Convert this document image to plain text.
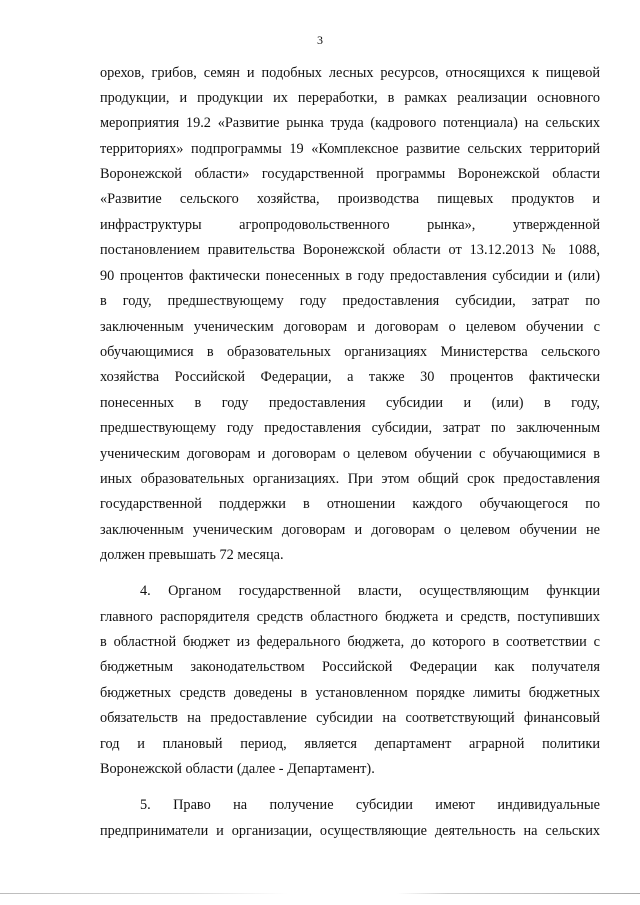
3
орехов, грибов, семян и подобных лесных ресурсов, относящихся к пищевой
продукции, и продукции их переработки, в рамках реализации основного
мероприятия 19.2 «Развитие рынка труда (кадрового потенциала) на сельских
территориях» подпрограммы 19 «Комплексное развитие сельских территорий
Воронежской области» государственной программы Воронежской области
«Развитие сельского хозяйства, производства пищевых продуктов и
инфраструктуры агропродовольственного рынка», утвержденной
постановлением правительства Воронежской области от 13.12.2013 № 1088,
90 процентов фактически понесенных в году предоставления субсидии и (или)
в году, предшествующему году предоставления субсидии, затрат по
заключенным ученическим договорам и договорам о целевом обучении с
обучающимися в образовательных организациях Министерства сельского
хозяйства Российской Федерации, а также 30 процентов фактически
понесенных в году предоставления субсидии и (или) в году,
предшествующему году предоставления субсидии, затрат по заключенным
ученическим договорам и договорам о целевом обучении с обучающимися в
иных образовательных организациях. При этом общий срок предоставления
государственной поддержки в отношении каждого обучающегося по
заключенным ученическим договорам и договорам о целевом обучении не
должен превышать 72 месяца.
4. Органом государственной власти, осуществляющим функции
главного распорядителя средств областного бюджета и средств, поступивших
в областной бюджет из федерального бюджета, до которого в соответствии с
бюджетным законодательством Российской Федерации как получателя
бюджетных средств доведены в установленном порядке лимиты бюджетных
обязательств на предоставление субсидии на соответствующий финансовый
год и плановый период, является департамент аграрной политики
Воронежской области (далее - Департамент).
5. Право на получение субсидии имеют индивидуальные
предприниматели и организации, осуществляющие деятельность на сельских
